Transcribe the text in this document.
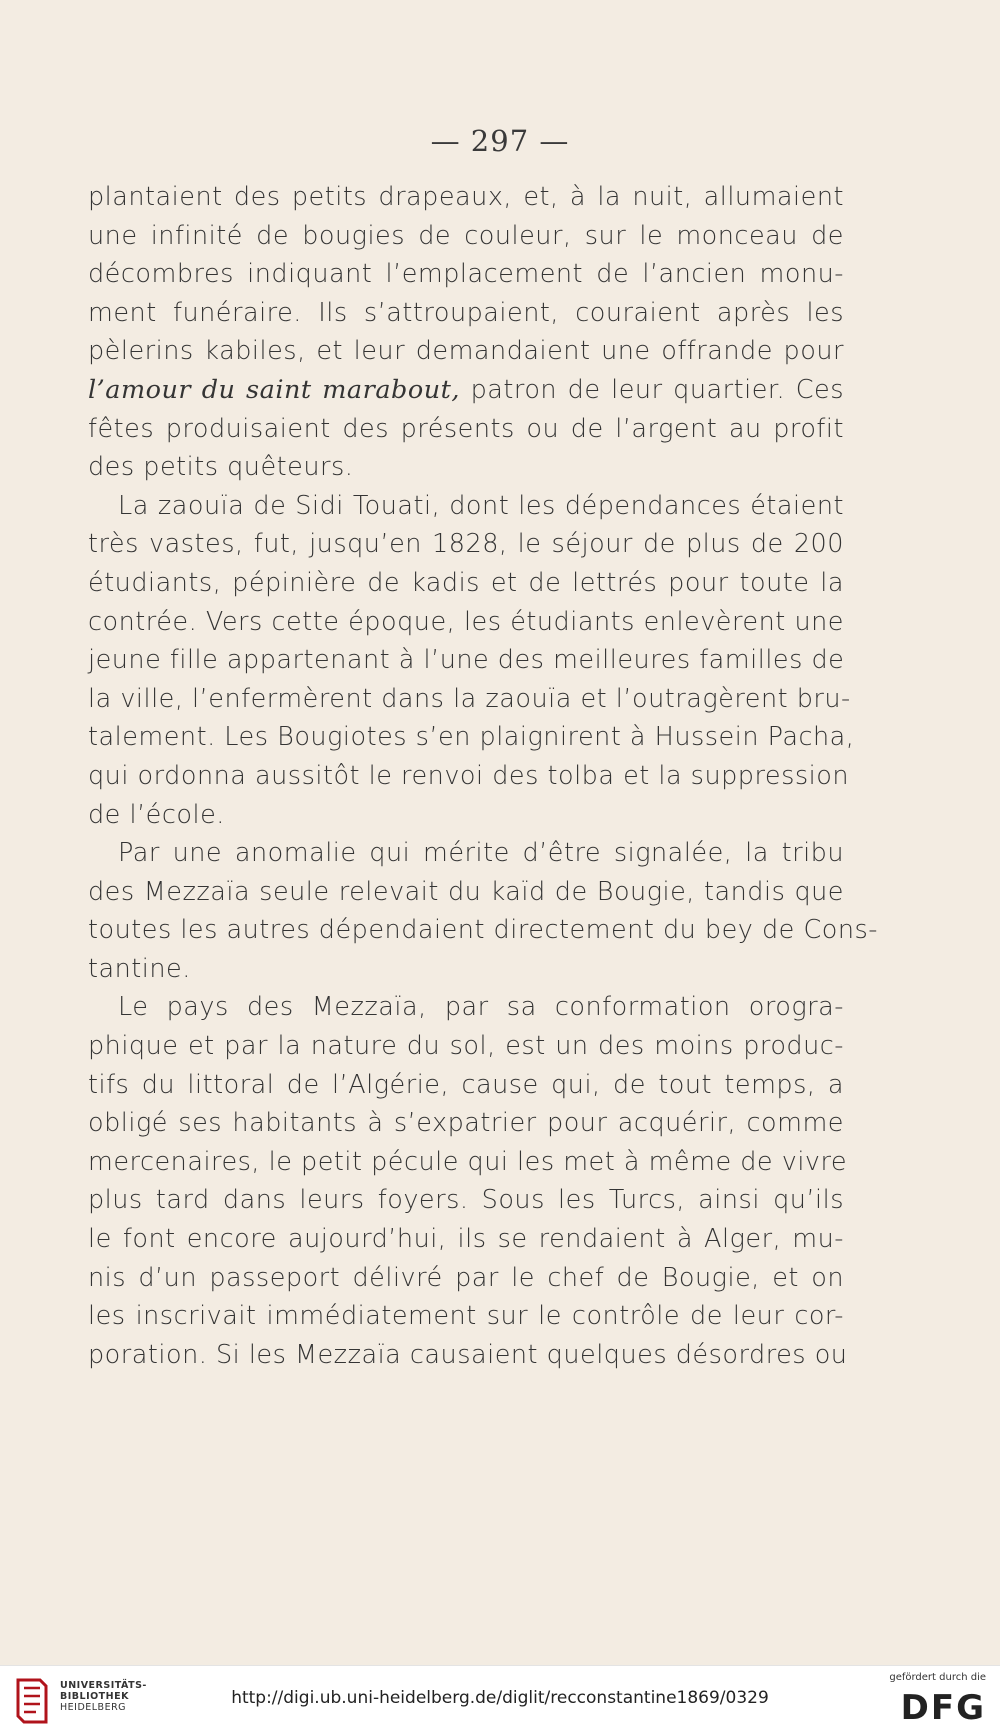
— 297 —
plantaient des petits drapeaux, et, à la nuit, allumaient
une infinité de bougies de couleur, sur le monceau de
décombres indiquant l’emplacement de l’ancien monu-
ment funéraire. Ils s’attroupaient, couraient après les
pèlerins kabiles, et leur demandaient une offrande pour
l’amour du saint marabout, patron de leur quartier. Ces
fêtes produisaient des présents ou de l’argent au profit
des petits quêteurs.
La zaouïa de Sidi Touati, dont les dépendances étaient
très vastes, fut, jusqu’en 1828, le séjour de plus de 200
étudiants, pépinière de kadis et de lettrés pour toute la
contrée. Vers cette époque, les étudiants enlevèrent une
jeune fille appartenant à l’une des meilleures familles de
la ville, l’enfermèrent dans la zaouïa et l’outragèrent bru-
talement. Les Bougiotes s’en plaignirent à Hussein Pacha,
qui ordonna aussitôt le renvoi des tolba et la suppression
de l’école.
Par une anomalie qui mérite d’être signalée, la tribu
des Mezzaïa seule relevait du kaïd de Bougie, tandis que
toutes les autres dépendaient directement du bey de Cons-
tantine.
Le pays des Mezzaïa, par sa conformation orogra-
phique et par la nature du sol, est un des moins produc-
tifs du littoral de l’Algérie, cause qui, de tout temps, a
obligé ses habitants à s’expatrier pour acquérir, comme
mercenaires, le petit pécule qui les met à même de vivre
plus tard dans leurs foyers. Sous les Turcs, ainsi qu’ils
le font encore aujourd’hui, ils se rendaient à Alger, mu-
nis d’un passeport délivré par le chef de Bougie, et on
les inscrivait immédiatement sur le contrôle de leur cor-
poration. Si les Mezzaïa causaient quelques désordres ou
UNIVERSITÄTS-
BIBLIOTHEK
HEIDELBERG	http://digi.ub.uni-heidelberg.de/diglit/recconstantine1869/0329
gefördert durch die
DFG
